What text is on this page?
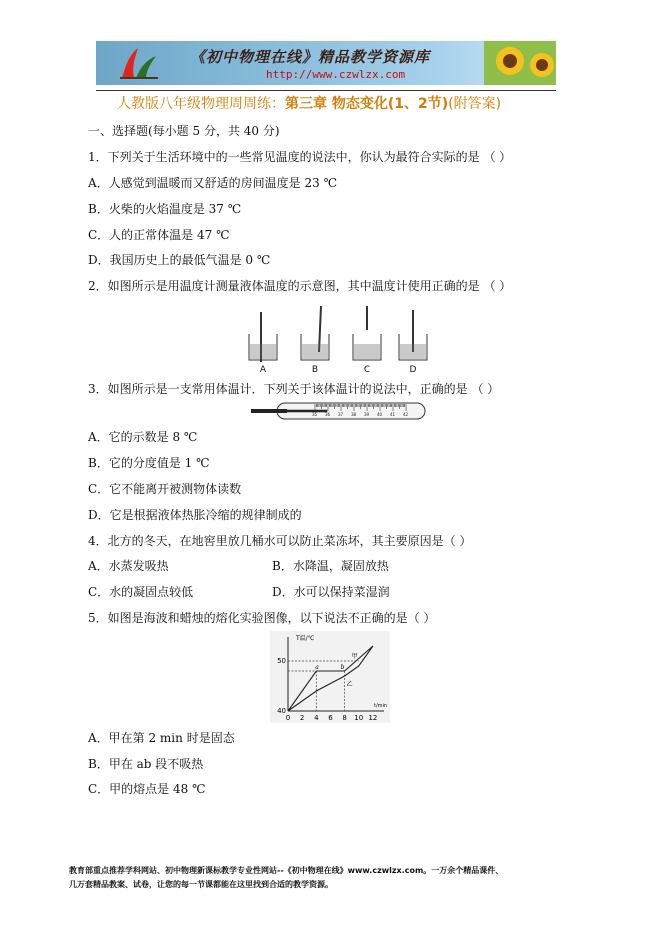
《初中物理在线》精品教学资源库
http://www.czwlzx.com
人教版八年级物理周周练：第三章 物态变化(1、2节)(附答案)
一、选择题(每小题 5 分，共 40 分)
1．下列关于生活环境中的一些常见温度的说法中，你认为最符合实际的是 （ ）
A．人感觉到温暖而又舒适的房间温度是 23 ℃
B．火柴的火焰温度是 37 ℃
C．人的正常体温是 47 ℃
D．我国历史上的最低气温是 0 ℃
2．如图所示是用温度计测量液体温度的示意图，其中温度计使用正确的是 （ ）
A	B	C	D
3．如图所示是一支常用体温计．下列关于该体温计的说法中，正确的是 （ ）
35 36 37 38 39 40 41 42
A．它的示数是 8 ℃
B．它的分度值是 1 ℃
C．它不能离开被测物体读数
D．它是根据液体热胀冷缩的规律制成的
4．北方的冬天，在地窖里放几桶水可以防止菜冻坏，其主要原因是（ ）
A．水蒸发吸热	B．水降温，凝固放热
C．水的凝固点较低	D．水可以保持菜湿润
5．如图是海波和蜡烛的熔化实验图像，以下说法不正确的是（ ）
0 2 4 6 8 10 12
40
50
T温/℃
t/min
a	b
甲
乙
A．甲在第 2 min 时是固态
B．甲在 ab 段不吸热
C．甲的熔点是 48 ℃
教育部重点推荐学科网站、初中物理新课标教学专业性网站--《初中物理在线》www.czwlzx.com。一万余个精品课件、
几万套精品教案、试卷，让您的每一节课都能在这里找到合适的教学资源。
